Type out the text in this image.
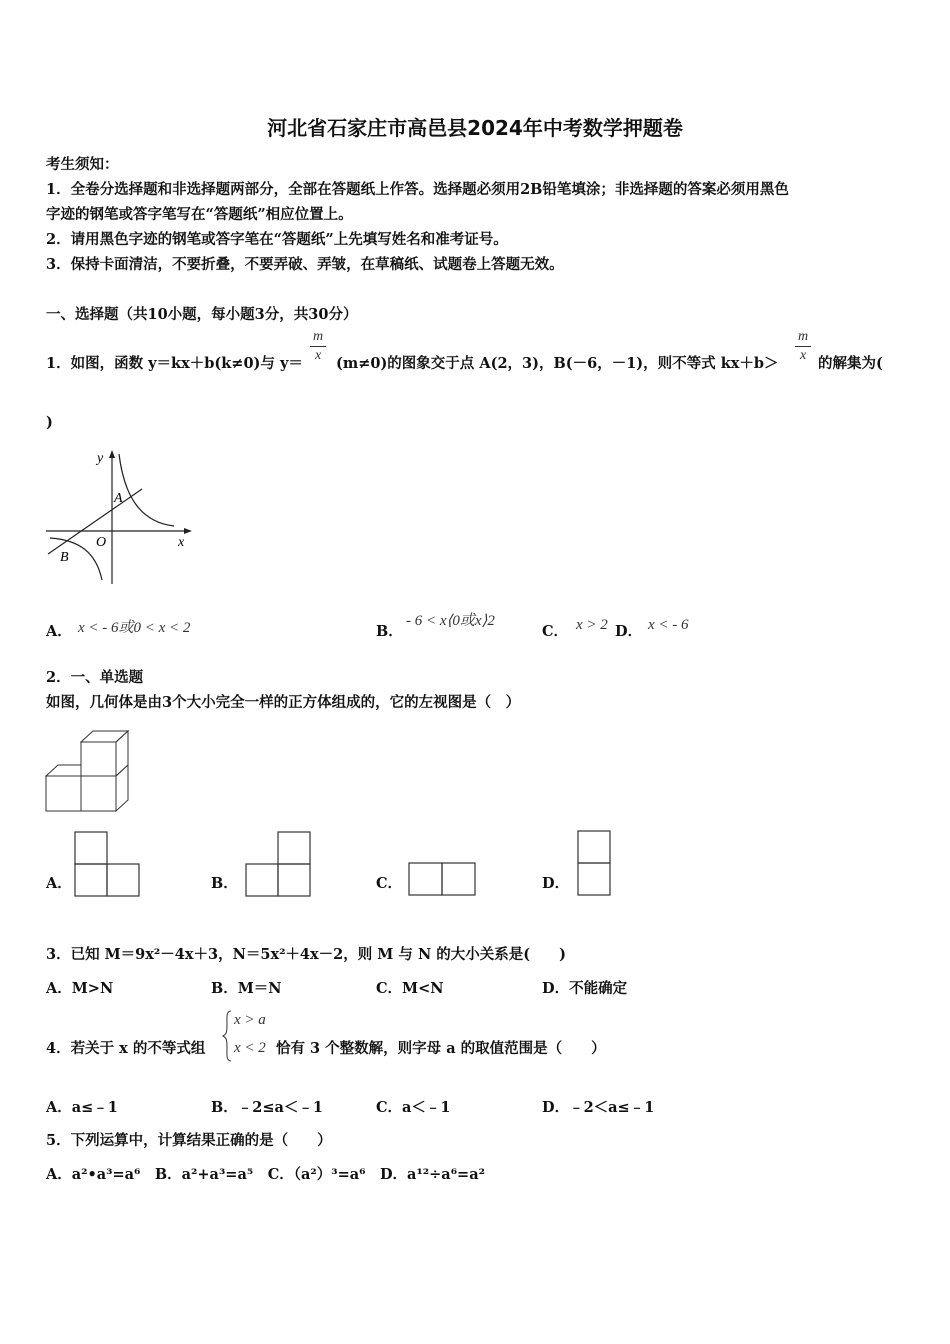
河北省石家庄市高邑县2024年中考数学押题卷
考生须知：
1．全卷分选择题和非选择题两部分，全部在答题纸上作答。选择题必须用2B铅笔填涂；非选择题的答案必须用黑色
字迹的钢笔或答字笔写在“答题纸”相应位置上。
2．请用黑色字迹的钢笔或答字笔在“答题纸”上先填写姓名和准考证号。
3．保持卡面清洁，不要折叠，不要弄破、弄皱，在草稿纸、试题卷上答题无效。
一、选择题（共10小题，每小题3分，共30分）
1．如图，函数 y＝kx＋b(k≠0)与 $y= \frac{m}{x} (m\ne 0)$的图象交于点 A(2，3)，B(－6，－1)，则不等式 $kx+b> \frac{m}{x}$ 的解集为(
)
y
x
O
A
B
A． x < - 6或0 < x < 2	B．
- 6 < x⟨0或x⟩2
C． x > 2 D． x < - 6
2．一、单选题
如图，几何体是由3个大小完全一样的正方体组成的，它的左视图是（　）
A．	B．	C．	D．
3．已知 M＝9x²－4x＋3，N＝5x²＋4x－2，则 M 与 N 的大小关系是(　　)
A．M>N	B．M＝N	C．M<N	D．不能确定
4．若关于 x 的不等式组
x > a
x < 2 恰有 3 个整数解，则字母 a 的取值范围是（　　）
A．a≤﹣1	B．﹣2≤a＜﹣1	C．a＜﹣1	D．﹣2＜a≤﹣1
5．下列运算中，计算结果正确的是（　　）
A．a²•a³=a⁶　B．a²+a³=a⁵　C．（a²）³=a⁶　D．a¹²÷a⁶=a²
